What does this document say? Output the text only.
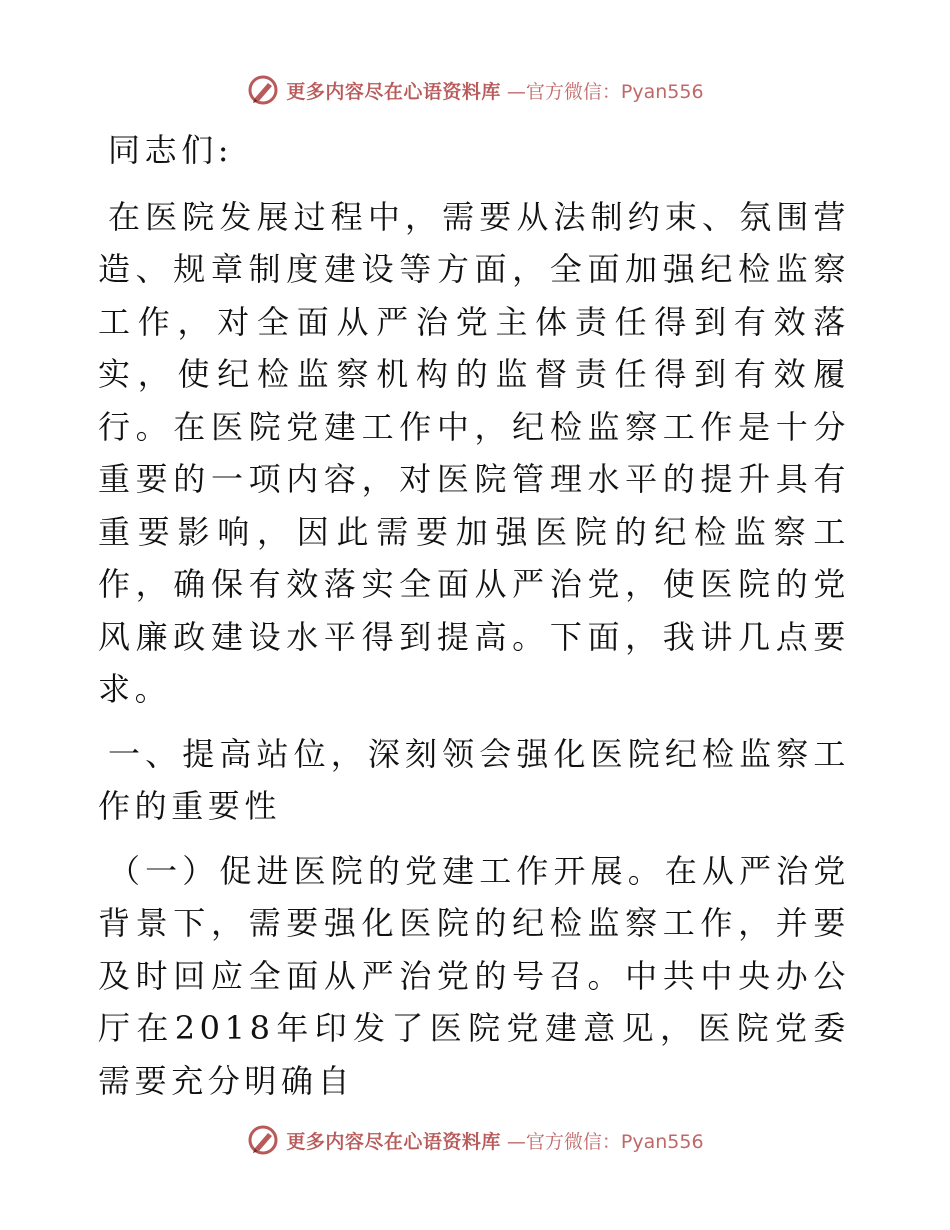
更多内容尽在心语资料库 —官方微信：Pyan556

同志们:

在医院发展过程中，需要从法制约束、氛围营造、规章制度建设等方面，全面加强纪检监察工作，对全面从严治党主体责任得到有效落实，使纪检监察机构的监督责任得到有效履行。在医院党建工作中，纪检监察工作是十分重要的一项内容，对医院管理水平的提升具有重要影响，因此需要加强医院的纪检监察工作，确保有效落实全面从严治党，使医院的党风廉政建设水平得到提高。下面，我讲几点要求。

一、提高站位，深刻领会强化医院纪检监察工作的重要性

（一）促进医院的党建工作开展。在从严治党背景下，需要强化医院的纪检监察工作，并要及时回应全面从严治党的号召。中共中央办公厅在2018年印发了医院党建意见，医院党委需要充分明确自

更多内容尽在心语资料库 —官方微信：Pyan556
